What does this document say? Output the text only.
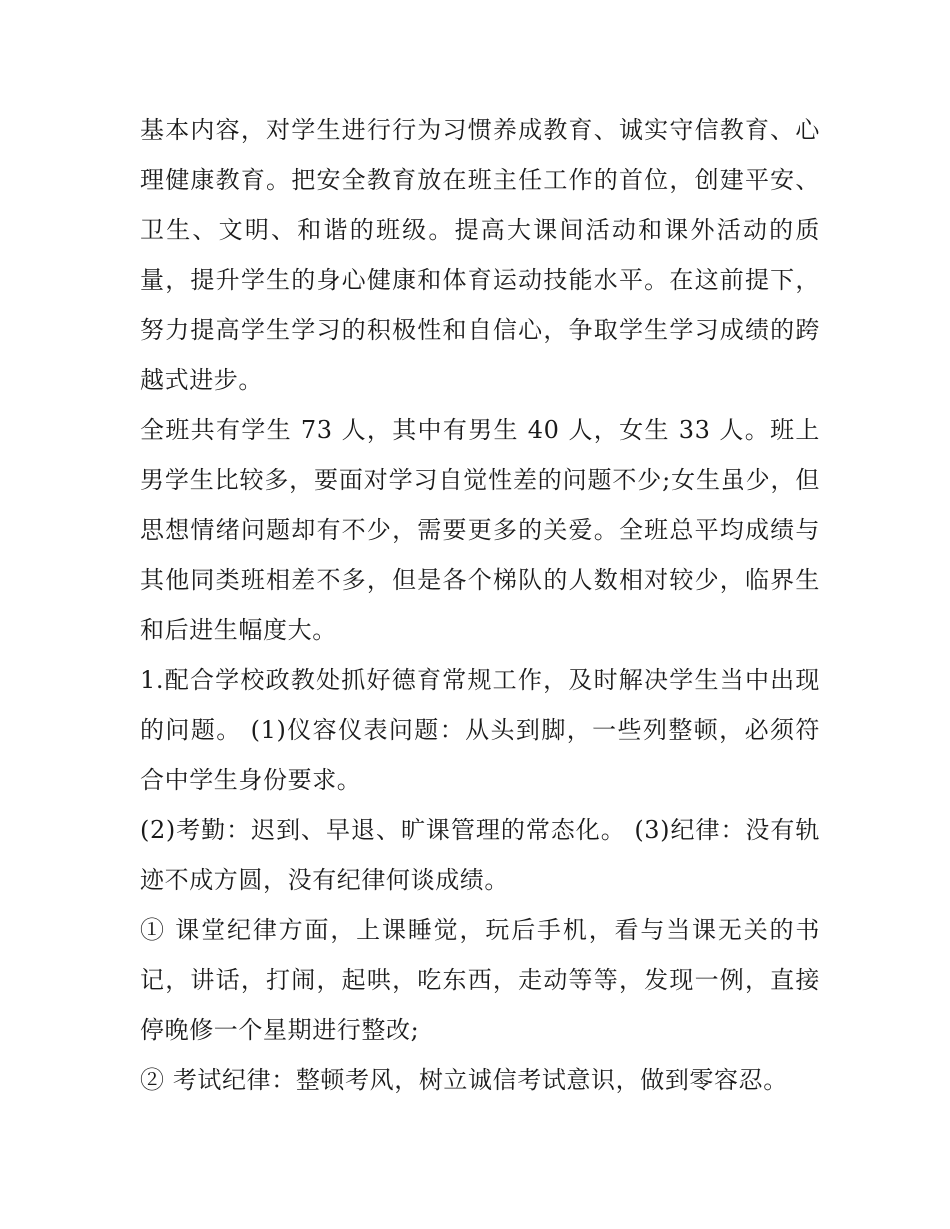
基本内容，对学生进行行为习惯养成教育、诚实守信教育、心理健康教育。把安全教育放在班主任工作的首位，创建平安、卫生、文明、和谐的班级。提高大课间活动和课外活动的质量，提升学生的身心健康和体育运动技能水平。在这前提下，努力提高学生学习的积极性和自信心，争取学生学习成绩的跨越式进步。

全班共有学生 73 人，其中有男生 40 人，女生 33 人。班上男学生比较多，要面对学习自觉性差的问题不少;女生虽少，但思想情绪问题却有不少，需要更多的关爱。全班总平均成绩与其他同类班相差不多，但是各个梯队的人数相对较少，临界生和后进生幅度大。

1.配合学校政教处抓好德育常规工作，及时解决学生当中出现的问题。 (1)仪容仪表问题：从头到脚，一些列整顿，必须符合中学生身份要求。

(2)考勤：迟到、早退、旷课管理的常态化。 (3)纪律：没有轨迹不成方圆，没有纪律何谈成绩。

① 课堂纪律方面，上课睡觉，玩后手机，看与当课无关的书记，讲话，打闹，起哄，吃东西，走动等等，发现一例，直接停晚修一个星期进行整改;

② 考试纪律：整顿考风，树立诚信考试意识，做到零容忍。
